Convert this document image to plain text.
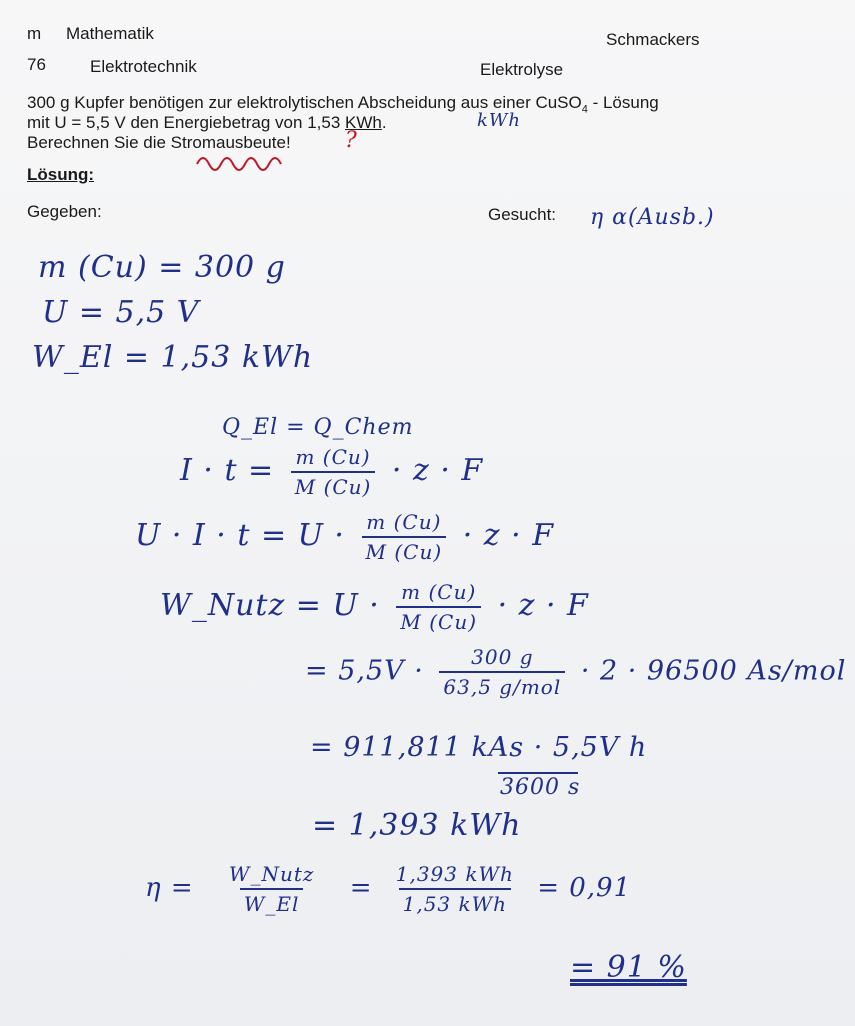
m Mathematik	Schmackers
76	Elektrotechnik	Elektrolyse
300 g Kupfer benötigen zur elektrolytischen Abscheidung aus einer CuSO$_4$ - Lösung
mit U = 5,5 V den Energiebetrag von 1,53 KWh.	kWh
Berechnen Sie die Stromausbeute! ?
Lösung:
Gegeben:	Gesucht: η α(Ausb.)
m (Cu) = 300 g
U = 5,5 V
W_El = 1,53 kWh
Q_El = Q_Chem
$I \cdot t = \frac{m (Cu)}{M (Cu)} \cdot z \cdot F$
$U \cdot I \cdot t = U \cdot \frac{m (Cu)}{M (Cu)} \cdot z \cdot F$
W_Nutz = $U \cdot \frac{m (Cu)}{M (Cu)} \cdot z \cdot F$
= $5,5V \cdot \frac{300 g}{\text{63,5 g/mol}} \cdot 2 \cdot 96500$ As/mol
= 911,811 kAs · 5,5V h
3600 s
= 1,393 kWh
$\eta = \frac{\text{W\_Nutz}}{W\_El} = \frac{\text{1,393 kWh}}{\text{1,53 kWh}} = 0,91$
= 91 %
